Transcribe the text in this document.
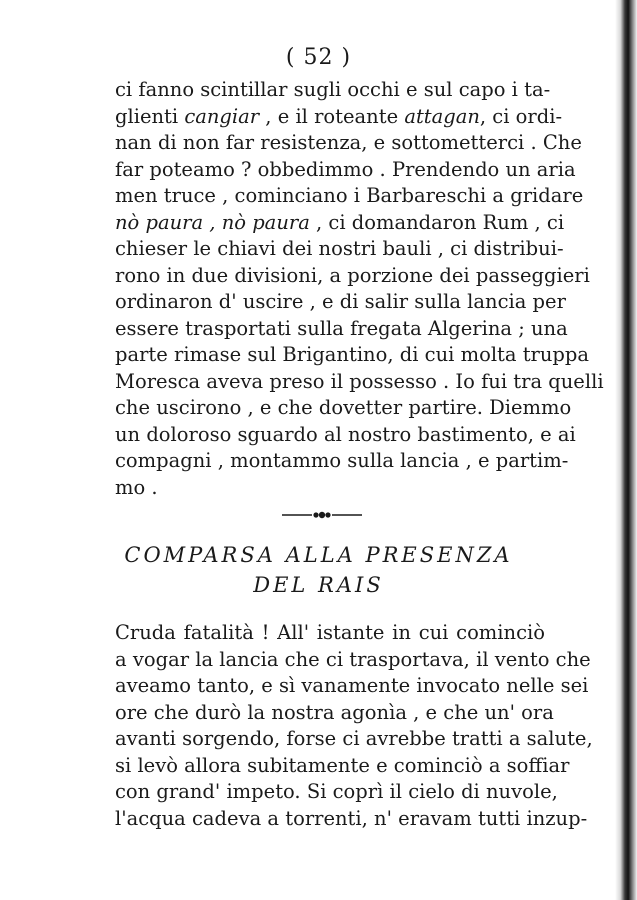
( 52 )
ci fanno scintillar sugli occhi e sul capo i ta-
glienti cangiar , e il roteante attagan, ci ordi-
nan di non far resistenza, e sottometterci . Che
far poteamo ? obbedimmo . Prendendo un aria
men truce , cominciano i Barbareschi a gridare
nò paura , nò paura , ci domandaron Rum , ci
chieser le chiavi dei nostri bauli , ci distribui-
rono in due divisioni, a porzione dei passeggieri
ordinaron d' uscire , e di salir sulla lancia per
essere trasportati sulla fregata Algerina ; una
parte rimase sul Brigantino, di cui molta truppa
Moresca aveva preso il possesso . Io fui tra quelli
che uscirono , e che dovetter partire. Diemmo
un doloroso sguardo al nostro bastimento, e ai
compagni , montammo sulla lancia , e partim-
mo .
COMPARSA ALLA PRESENZA
DEL RAIS
Cruda fatalità ! All' istante in cui cominciò
a vogar la lancia che ci trasportava, il vento che
aveamo tanto, e sì vanamente invocato nelle sei
ore che durò la nostra agonìa , e che un' ora
avanti sorgendo, forse ci avrebbe tratti a salute,
si levò allora subitamente e cominciò a soffiar
con grand' impeto. Si coprì il cielo di nuvole,
l'acqua cadeva a torrenti, n' eravam tutti inzup-
